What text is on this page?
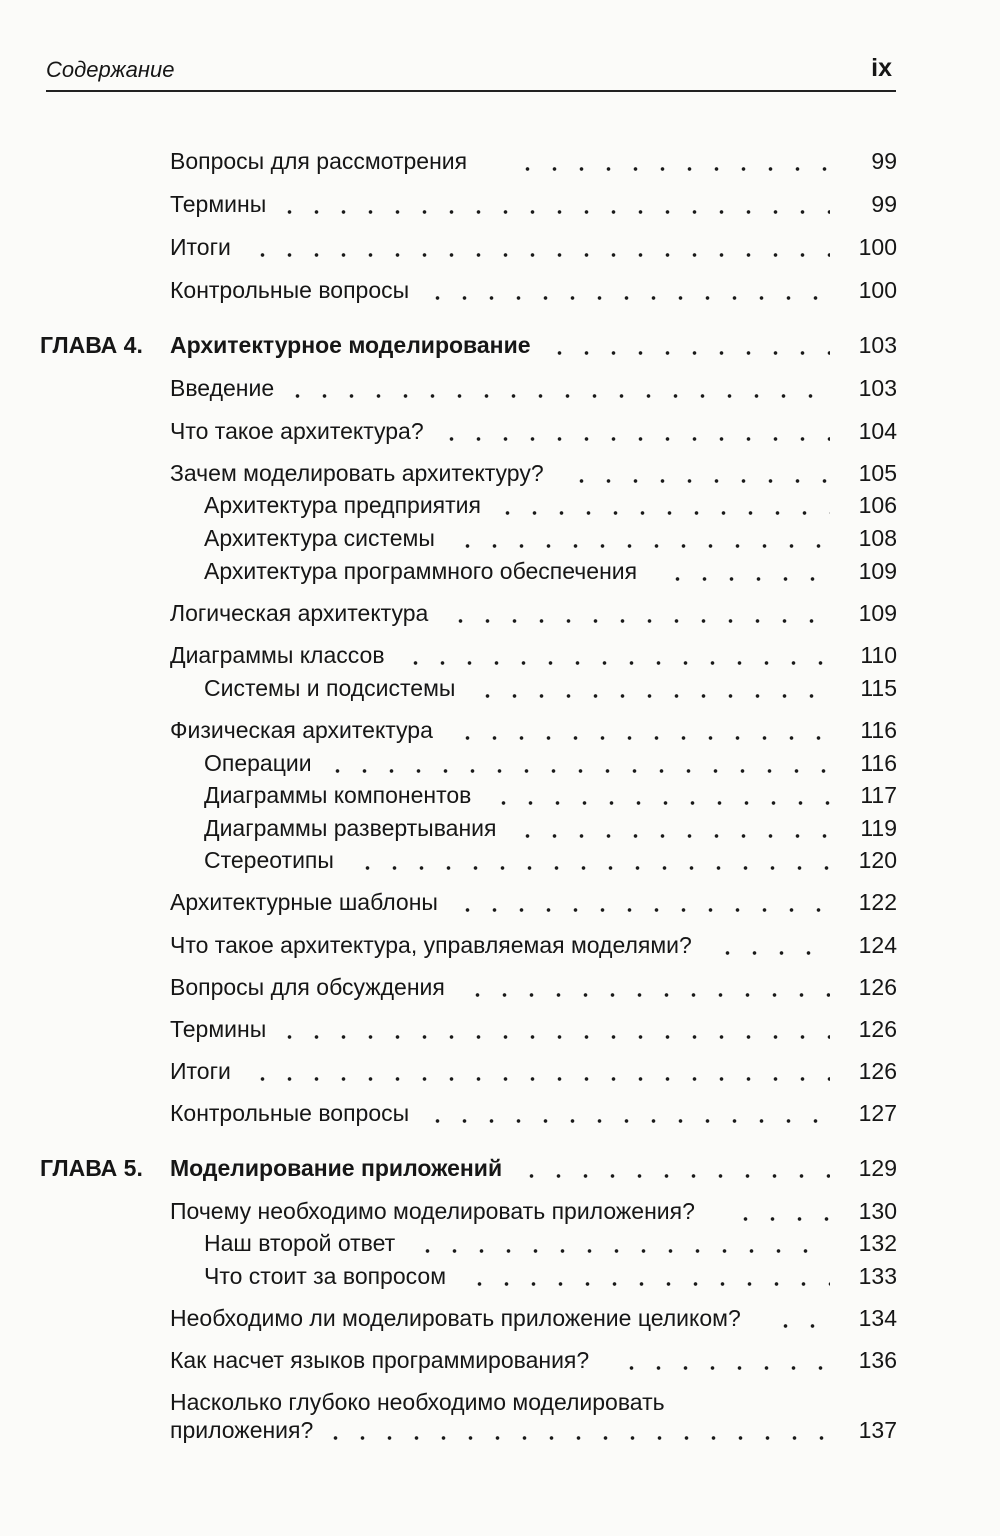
Содержание	ix
Вопросы для рассмотрения	99
Термины	99
Итоги	100
Контрольные вопросы	100
ГЛАВА 4. Архитектурное моделирование	103
Введение	103
Что такое архитектура?	104
Зачем моделировать архитектуру?	105
Архитектура предприятия	106
Архитектура системы	108
Архитектура программного обеспечения	109
Логическая архитектура	109
Диаграммы классов	110
Системы и подсистемы	115
Физическая архитектура	116
Операции	116
Диаграммы компонентов	117
Диаграммы развертывания	119
Стереотипы	120
Архитектурные шаблоны	122
Что такое архитектура, управляемая моделями?	124
Вопросы для обсуждения	126
Термины	126
Итоги	126
Контрольные вопросы	127
ГЛАВА 5. Моделирование приложений	129
Почему необходимо моделировать приложения?	130
Наш второй ответ	132
Что стоит за вопросом	133
Необходимо ли моделировать приложение целиком?	134
Как насчет языков программирования?	136
Насколько глубоко необходимо моделировать
приложения?	137
